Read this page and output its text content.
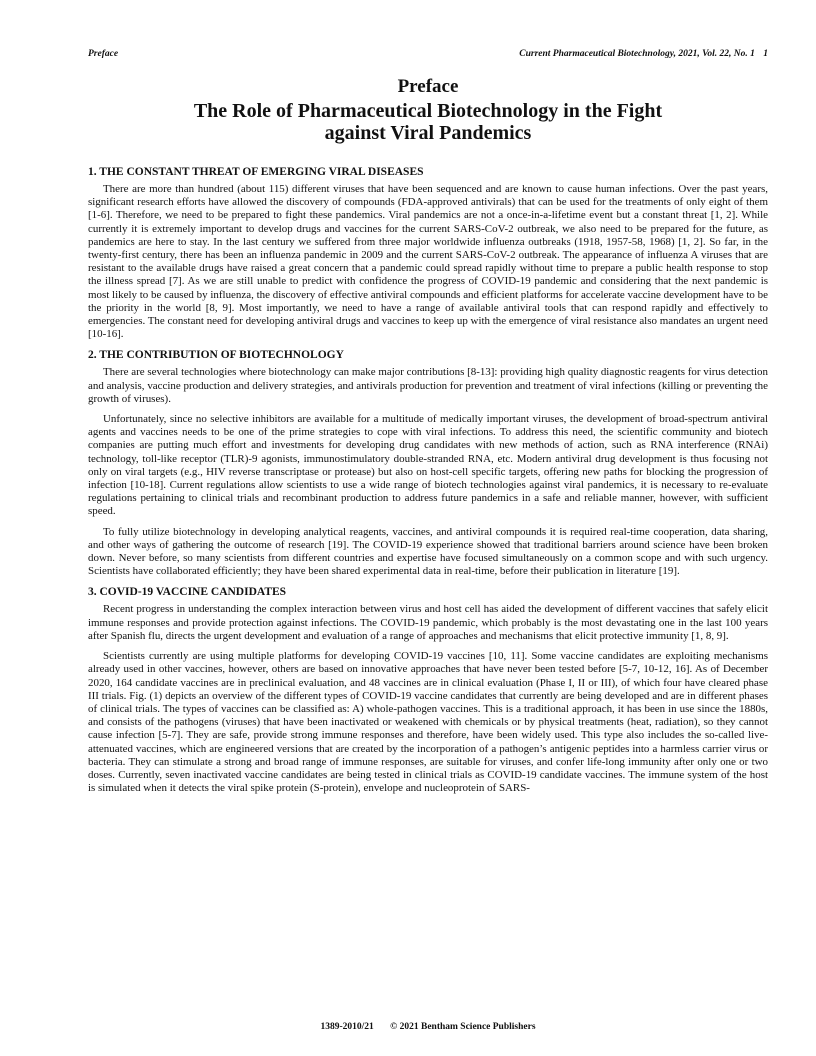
Preface	Current Pharmaceutical Biotechnology, 2021, Vol. 22, No. 1 1
Preface
The Role of Pharmaceutical Biotechnology in the Fight against Viral Pandemics
1. THE CONSTANT THREAT OF EMERGING VIRAL DISEASES

There are more than hundred (about 115) different viruses that have been sequenced and are known to cause human infections. Over the past years, significant research efforts have allowed the discovery of compounds (FDA-approved antivirals) that can be used for the treatments of only eight of them [1-6]. Therefore, we need to be prepared to fight these pandemics. Viral pandemics are not a once-in-a-lifetime event but a constant threat [1, 2]. While currently it is extremely important to develop drugs and vaccines for the current SARS-CoV-2 outbreak, we also need to be prepared for the future, as pandemics are here to stay. In the last century we suffered from three major worldwide influenza outbreaks (1918, 1957-58, 1968) [1, 2]. So far, in the twenty-first century, there has been an influenza pandemic in 2009 and the current SARS-CoV-2 outbreak. The appearance of influenza A viruses that are resistant to the available drugs have raised a great concern that a pandemic could spread rapidly without time to prepare a public health response to stop the illness spread [7]. As we are still unable to predict with confidence the progress of COVID-19 pandemic and considering that the next pandemic is most likely to be caused by influenza, the discovery of effective antiviral compounds and efficient platforms for accelerate vaccine development have to be the priority in the world [8, 9]. Most importantly, we need to have a range of available antiviral tools that can respond rapidly and effectively to emergencies. The constant need for developing antiviral drugs and vaccines to keep up with the emergence of viral resistance also mandates an urgent need [10-16].

2. THE CONTRIBUTION OF BIOTECHNOLOGY

There are several technologies where biotechnology can make major contributions [8-13]: providing high quality diagnostic reagents for virus detection and analysis, vaccine production and delivery strategies, and antivirals production for prevention and treatment of viral infections (killing or preventing the growth of viruses).

Unfortunately, since no selective inhibitors are available for a multitude of medically important viruses, the development of broad-spectrum antiviral agents and vaccines needs to be one of the prime strategies to cope with viral infections. To address this need, the scientific community and biotech companies are putting much effort and investments for developing drug candidates with new methods of action, such as RNA interference (RNAi) technology, toll-like receptor (TLR)-9 agonists, immunostimulatory double-stranded RNA, etc. Modern antiviral drug development is thus focusing not only on viral targets (e.g., HIV reverse transcriptase or protease) but also on host-cell specific targets, offering new paths for blocking the progression of infection [10-18]. Current regulations allow scientists to use a wide range of biotech technologies against viral pandemics, it is necessary to re-evaluate regulations pertaining to clinical trials and recombinant production to address future pandemics in a safe and reliable manner, however, with sufficient speed.

To fully utilize biotechnology in developing analytical reagents, vaccines, and antiviral compounds it is required real-time cooperation, data sharing, and other ways of gathering the outcome of research [19]. The COVID-19 experience showed that traditional barriers around science have been broken down. Never before, so many scientists from different countries and expertise have focused simultaneously on a common scope and with such urgency. Scientists have collaborated efficiently; they have been shared experimental data in real-time, before their publication in literature [19].

3. COVID-19 VACCINE CANDIDATES

Recent progress in understanding the complex interaction between virus and host cell has aided the development of different vaccines that safely elicit immune responses and provide protection against infections. The COVID-19 pandemic, which probably is the most devastating one in the last 100 years after Spanish flu, directs the urgent development and evaluation of a range of approaches and mechanisms that elicit protective immunity [1, 8, 9].

Scientists currently are using multiple platforms for developing COVID-19 vaccines [10, 11]. Some vaccine candidates are exploiting mechanisms already used in other vaccines, however, others are based on innovative approaches that have never been tested before [5-7, 10-12, 16]. As of December 2020, 164 candidate vaccines are in preclinical evaluation, and 48 vaccines are in clinical evaluation (Phase I, II or III), of which four have cleared phase III trials. Fig. (1) depicts an overview of the different types of COVID-19 vaccine candidates that currently are being developed and are in different phases of clinical trials. The types of vaccines can be classified as: A) whole-pathogen vaccines. This is a traditional approach, it has been in use since the 1880s, and consists of the pathogens (viruses) that have been inactivated or weakened with chemicals or by physical treatments (heat, radiation), so they cannot cause infection [5-7]. They are safe, provide strong immune responses and therefore, have been widely used. This type also includes the so-called live-attenuated vaccines, which are engineered versions that are created by the incorporation of a pathogen’s antigenic peptides into a harmless carrier virus or bacteria. They can stimulate a strong and broad range of immune responses, are suitable for viruses, and confer life-long immunity after only one or two doses. Currently, seven inactivated vaccine candidates are being tested in clinical trials as COVID-19 candidate vaccines. The immune system of the host is simulated when it detects the viral spike protein (S-protein), envelope and nucleoprotein of SARS-

1389-2010/21 © 2021 Bentham Science Publishers
